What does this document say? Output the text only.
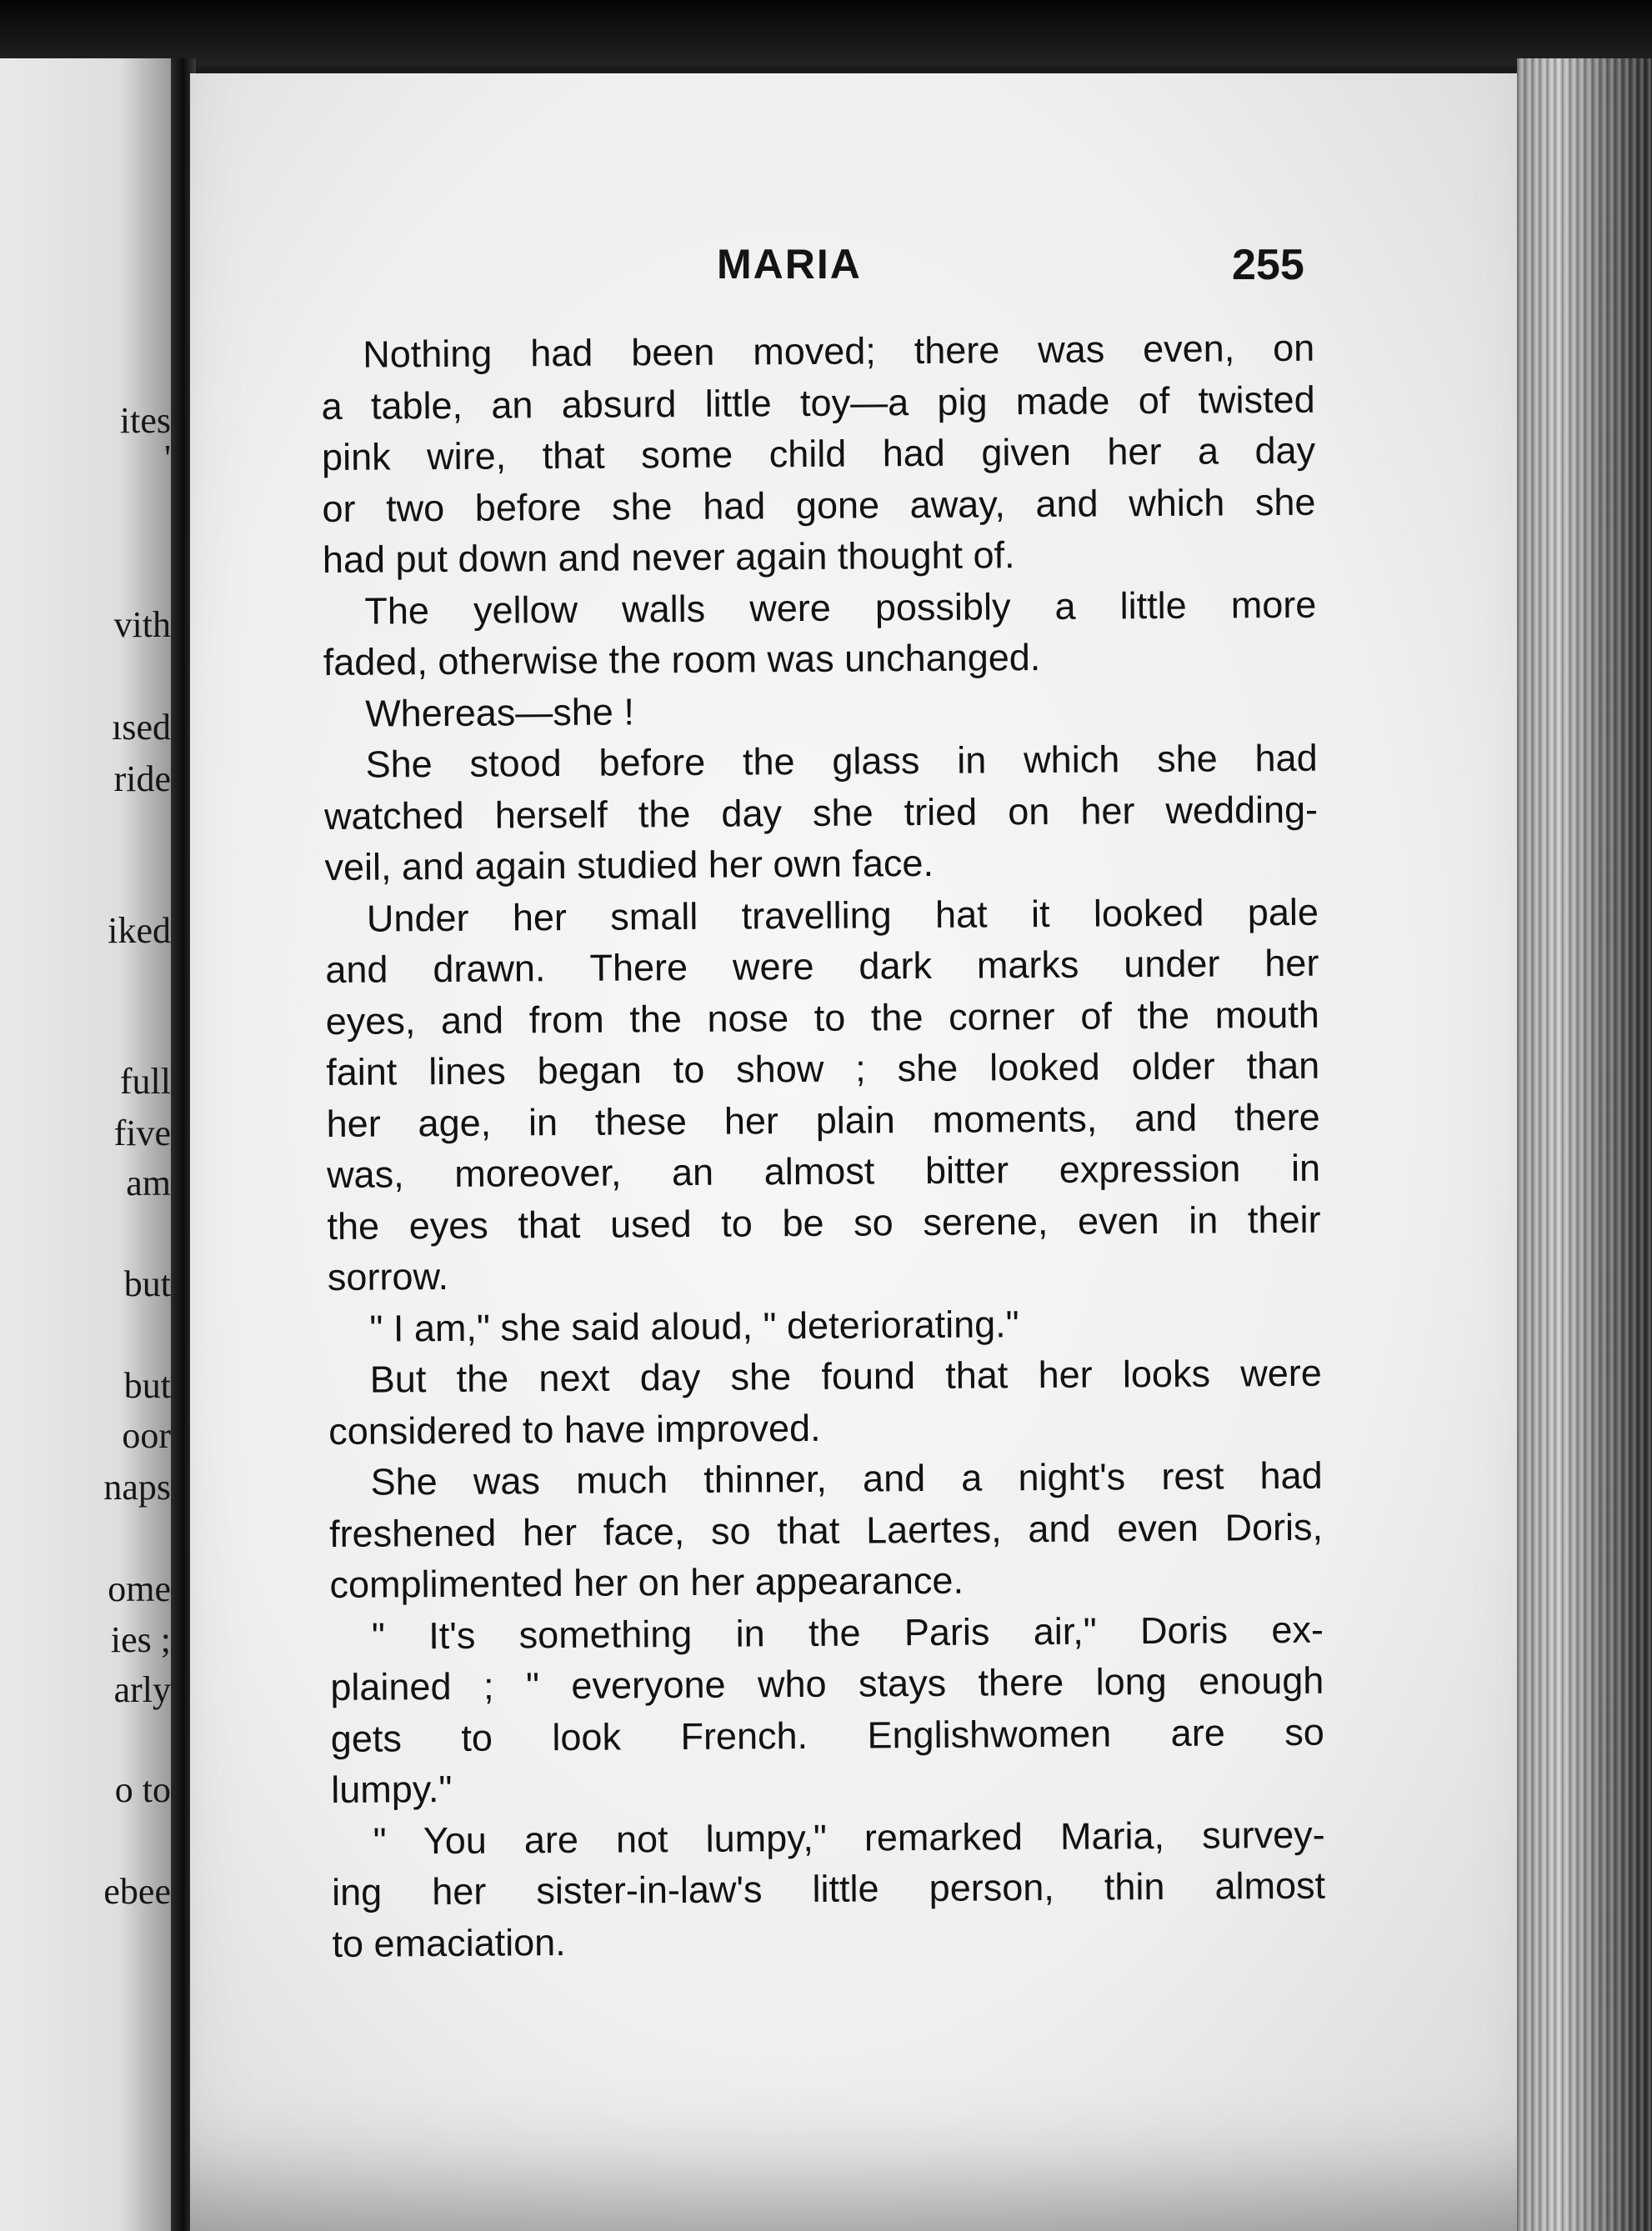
ites
'
vith
ısed
ride
iked
full
five
am
but
but
oor
naps
ome
ies ;
arly
o to
ebee
MARIA	255

Nothing had been moved; there was even, on
a table, an absurd little toy—a pig made of twisted
pink wire, that some child had given her a day
or two before she had gone away, and which she
had put down and never again thought of.

The yellow walls were possibly a little more
faded, otherwise the room was unchanged.

Whereas—she !

She stood before the glass in which she had
watched herself the day she tried on her wedding-
veil, and again studied her own face.

Under her small travelling hat it looked pale
and drawn. There were dark marks under her
eyes, and from the nose to the corner of the mouth
faint lines began to show ; she looked older than
her age, in these her plain moments, and there
was, moreover, an almost bitter expression in
the eyes that used to be so serene, even in their
sorrow.

" I am," she said aloud, " deteriorating."

But the next day she found that her looks were
considered to have improved.

She was much thinner, and a night's rest had
freshened her face, so that Laertes, and even Doris,
complimented her on her appearance.

" It's something in the Paris air," Doris ex-
plained ; " everyone who stays there long enough
gets to look French. Englishwomen are so
lumpy."

" You are not lumpy," remarked Maria, survey-
ing her sister-in-law's little person, thin almost
to emaciation.
